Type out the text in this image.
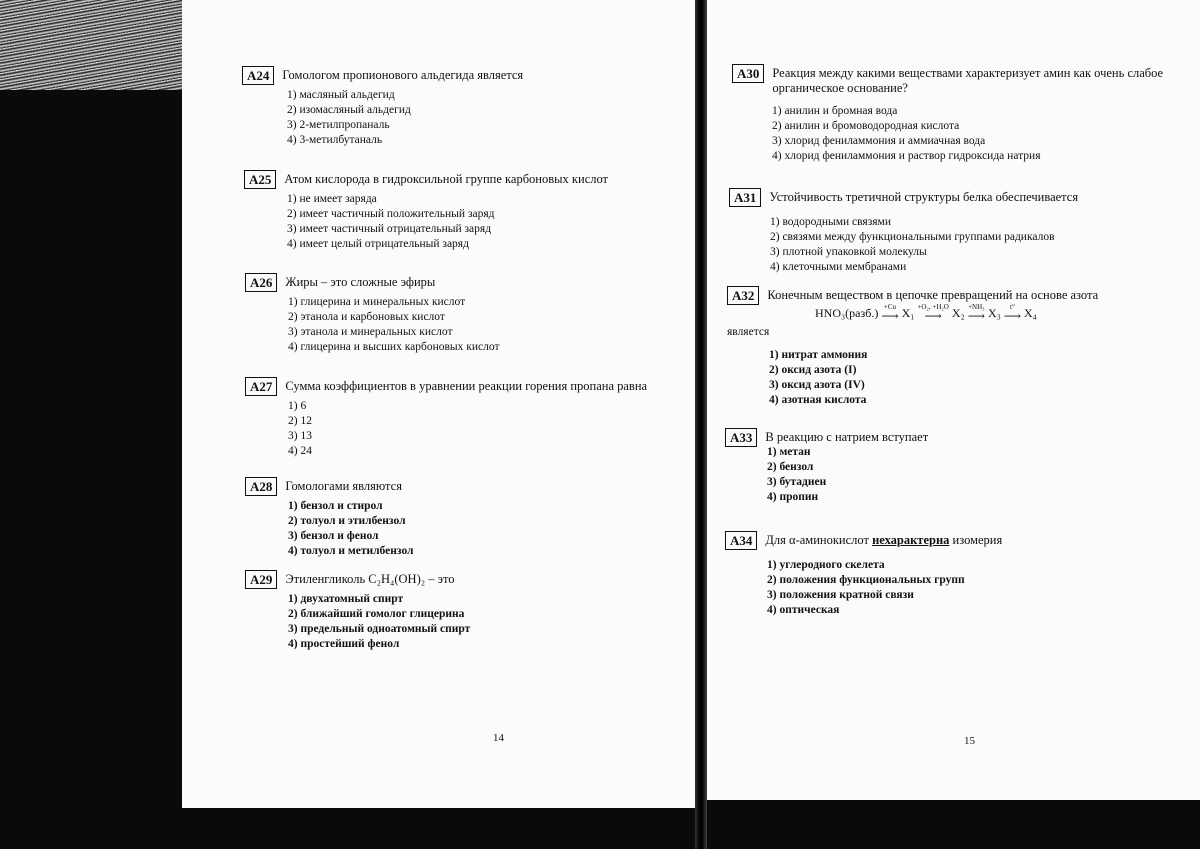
A24	Гомологом пропионового альдегида является
1) масляный альдегид
2) изомасляный альдегид
3) 2-метилпропаналь
4) 3-метилбутаналь
A25	Атом кислорода в гидроксильной группе карбоновых кислот
1) не имеет заряда
2) имеет частичный положительный заряд
3) имеет частичный отрицательный заряд
4) имеет целый отрицательный заряд
A26	Жиры – это сложные эфиры
1) глицерина и минеральных кислот
2) этанола и карбоновых кислот
3) этанола и минеральных кислот
4) глицерина и высших карбоновых кислот
A27	Сумма коэффициентов в уравнении реакции горения пропана равна
1) 6
2) 12
3) 13
4) 24
A28	Гомологами являются
1) бензол и стирол
2) толуол и этилбензол
3) бензол и фенол
4) толуол и метилбензол
A29	Этиленгликоль C₂H₄(OH)₂ – это
1) двухатомный спирт
2) ближайший гомолог глицерина
3) предельный одноатомный спирт
4) простейший фенол
14
A30	Реакция между какими веществами характеризует амин как очень слабое органическое основание?
1) анилин и бромная вода
2) анилин и бромоводородная кислота
3) хлорид фениламмония и аммиачная вода
4) хлорид фениламмония и раствор гидроксида натрия
A31	Устойчивость третичной структуры белка обеспечивается
1) водородными связями
2) связями между функциональными группами радикалов
3) плотной упаковкой молекулы
4) клеточными мембранами
A32	Конечным веществом в цепочке превращений на основе азота
HNO₃(разб.) +Cu
⟶ X₁ +O₂, +H₂O
⟶ X₂ +NH₃
⟶ X₃ t°
⟶ X₄
является
1) нитрат аммония
2) оксид азота (I)
3) оксид азота (IV)
4) азотная кислота
A33	В реакцию с натрием вступает
1) метан
2) бензол
3) бутадиен
4) пропин
A34	Для α-аминокислот нехарактерна изомерия
1) углеродного скелета
2) положения функциональных групп
3) положения кратной связи
4) оптическая
15
